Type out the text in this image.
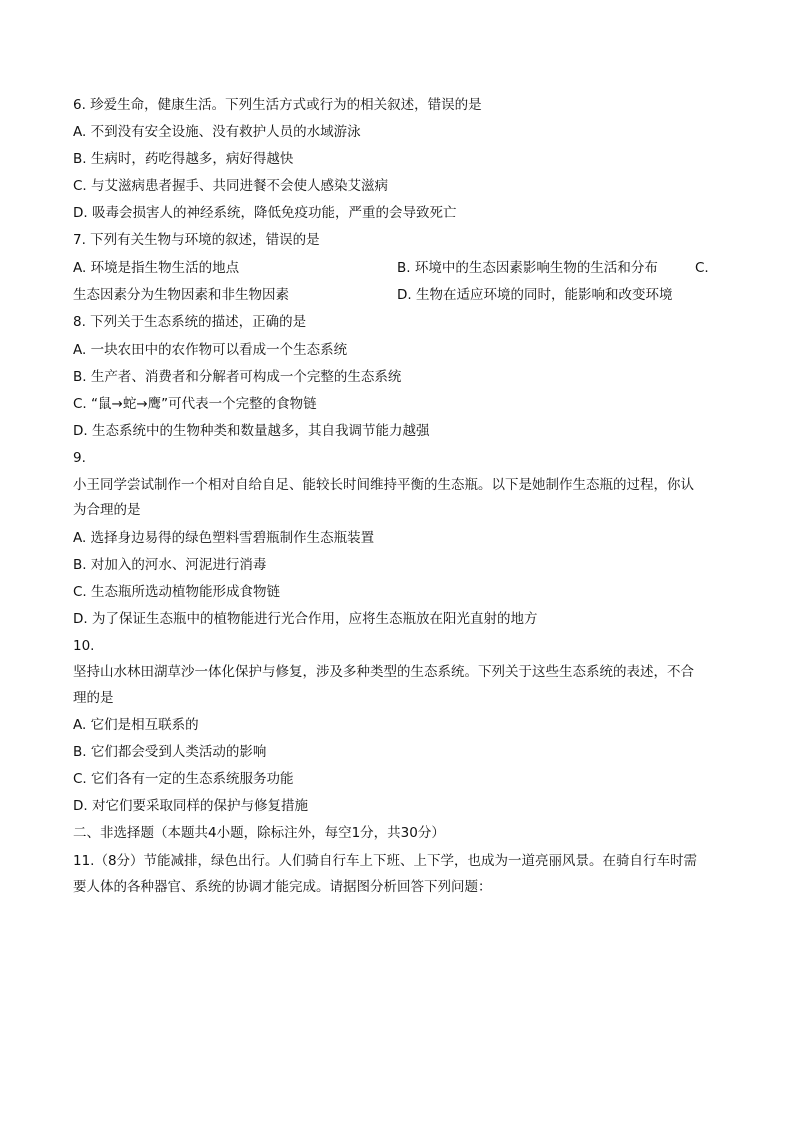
6. 珍爱生命，健康生活。下列生活方式或行为的相关叙述，错误的是
A. 不到没有安全设施、没有救护人员的水域游泳
B. 生病时，药吃得越多，病好得越快
C. 与艾滋病患者握手、共同进餐不会使人感染艾滋病
D. 吸毒会损害人的神经系统，降低免疫功能，严重的会导致死亡
7. 下列有关生物与环境的叙述，错误的是
A. 环境是指生物生活的地点	B. 环境中的生态因素影响生物的生活和分布	C.
生态因素分为生物因素和非生物因素	D. 生物在适应环境的同时，能影响和改变环境
8. 下列关于生态系统的描述，正确的是
A. 一块农田中的农作物可以看成一个生态系统
B. 生产者、消费者和分解者可构成一个完整的生态系统
C. “鼠→蛇→鹰”可代表一个完整的食物链
D. 生态系统中的生物种类和数量越多，其自我调节能力越强
9.
小王同学尝试制作一个相对自给自足、能较长时间维持平衡的生态瓶。以下是她制作生态瓶的过程，你认
为合理的是
A. 选择身边易得的绿色塑料雪碧瓶制作生态瓶装置
B. 对加入的河水、河泥进行消毒
C. 生态瓶所选动植物能形成食物链
D. 为了保证生态瓶中的植物能进行光合作用，应将生态瓶放在阳光直射的地方
10.
坚持山水林田湖草沙一体化保护与修复，涉及多种类型的生态系统。下列关于这些生态系统的表述，不合
理的是
A. 它们是相互联系的
B. 它们都会受到人类活动的影响
C. 它们各有一定的生态系统服务功能
D. 对它们要采取同样的保护与修复措施
二、非选择题（本题共4小题，除标注外，每空1分，共30分）
11.（8分）节能减排，绿色出行。人们骑自行车上下班、上下学，也成为一道亮丽风景。在骑自行车时需
要人体的各种器官、系统的协调才能完成。请据图分析回答下列问题：
